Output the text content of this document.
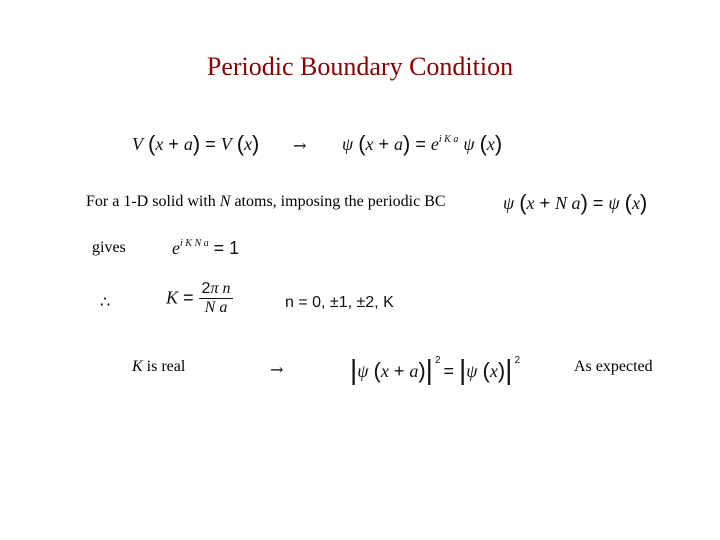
Periodic Boundary Condition
V (x + a) = V (x) → ψ $(x + a) = e^{i K a}$ ψ (x)
For a 1-D solid with N atoms, imposing the periodic BC	ψ (x + N a) = ψ (x)
gives	$e^{i K N a} = 1$
∴	$K = \frac{\text{2π n}}{\text{N a}}$	n = 0, ±1, ±2, K
K is real	→ |ψ (x + a)| $^2$ = |ψ (x)| $^2$	As expected
